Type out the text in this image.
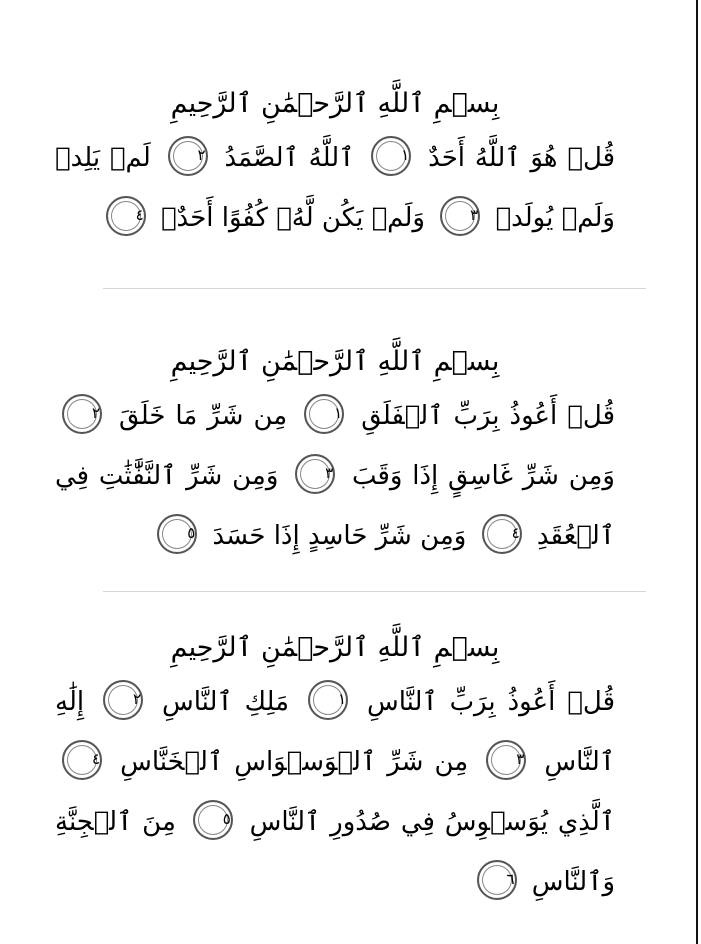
بِسۡمِ ٱللَّهِ ٱلرَّحۡمَٰنِ ٱلرَّحِيمِ
قُلۡ هُوَ ٱللَّهُ أَحَدٌ ١ ٱللَّهُ ٱلصَّمَدُ ٢ لَمۡ يَلِدۡ وَلَمۡ يُولَدۡ ٣ وَلَمۡ يَكُن لَّهُۥ كُفُوًا أَحَدٌۢ ٤
بِسۡمِ ٱللَّهِ ٱلرَّحۡمَٰنِ ٱلرَّحِيمِ
قُلۡ أَعُوذُ بِرَبِّ ٱلۡفَلَقِ ١ مِن شَرِّ مَا خَلَقَ ٢ وَمِن شَرِّ غَاسِقٍ إِذَا وَقَبَ ٣ وَمِن شَرِّ ٱلنَّفَّٰثَٰتِ فِي ٱلۡعُقَدِ ٤ وَمِن شَرِّ حَاسِدٍ إِذَا حَسَدَ ٥
بِسۡمِ ٱللَّهِ ٱلرَّحۡمَٰنِ ٱلرَّحِيمِ
قُلۡ أَعُوذُ بِرَبِّ ٱلنَّاسِ ١ مَلِكِ ٱلنَّاسِ ٢ إِلَٰهِ ٱلنَّاسِ ٣ مِن شَرِّ ٱلۡوَسۡوَاسِ ٱلۡخَنَّاسِ ٤ ٱلَّذِي يُوَسۡوِسُ فِي صُدُورِ ٱلنَّاسِ ٥ مِنَ ٱلۡجِنَّةِ وَٱلنَّاسِ ٦
